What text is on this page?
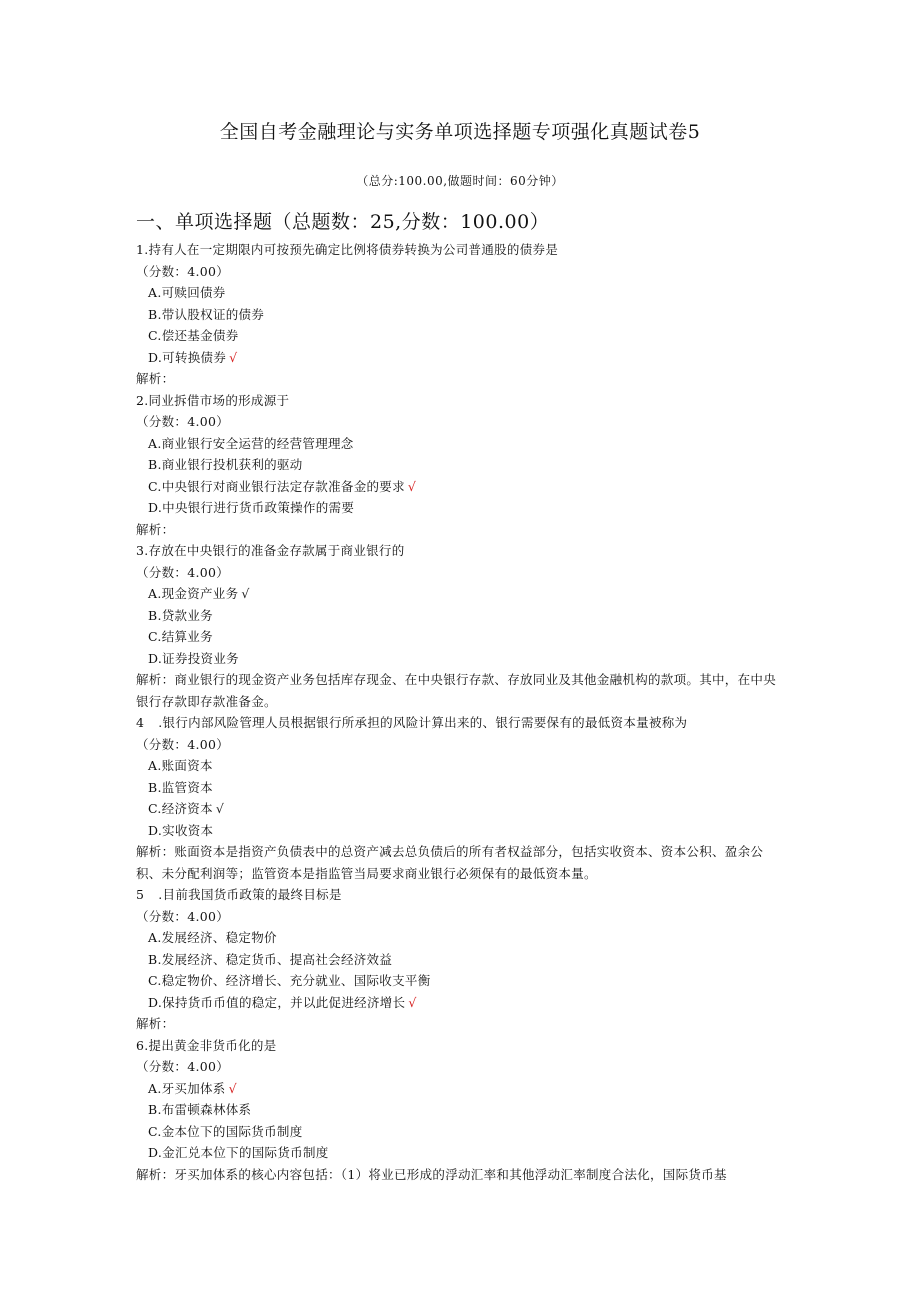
全国自考金融理论与实务单项选择题专项强化真题试卷5
（总分:100.00,做题时间：60分钟）
一、单项选择题（总题数：25,分数：100.00）
1.持有人在一定期限内可按预先确定比例将债券转换为公司普通股的债券是
（分数：4.00）
A.可赎回债券
B.带认股权证的债券
C.偿还基金债券
D.可转换债券 √
解析：
2.同业拆借市场的形成源于
（分数：4.00）
A.商业银行安全运营的经营管理理念
B.商业银行投机获利的驱动
C.中央银行对商业银行法定存款准备金的要求 √
D.中央银行进行货币政策操作的需要
解析：
3.存放在中央银行的准备金存款属于商业银行的
（分数：4.00）
A.现金资产业务 √
B.贷款业务
C.结算业务
D.证券投资业务
解析：商业银行的现金资产业务包括库存现金、在中央银行存款、存放同业及其他金融机构的款项。其中，在中央银行存款即存款准备金。
4 .银行内部风险管理人员根据银行所承担的风险计算出来的、银行需要保有的最低资本量被称为
（分数：4.00）
A.账面资本
B.监管资本
C.经济资本 √
D.实收资本
解析：账面资本是指资产负债表中的总资产减去总负债后的所有者权益部分，包括实收资本、资本公积、盈余公积、未分配利润等；监管资本是指监管当局要求商业银行必须保有的最低资本量。
5 .目前我国货币政策的最终目标是
（分数：4.00）
A.发展经济、稳定物价
B.发展经济、稳定货币、提高社会经济效益
C.稳定物价、经济增长、充分就业、国际收支平衡
D.保持货币币值的稳定，并以此促进经济增长 √
解析：
6.提出黄金非货币化的是
（分数：4.00）
A.牙买加体系 √
B.布雷顿森林体系
C.金本位下的国际货币制度
D.金汇兑本位下的国际货币制度
解析：牙买加体系的核心内容包括：（1）将业已形成的浮动汇率和其他浮动汇率制度合法化，国际货币基
